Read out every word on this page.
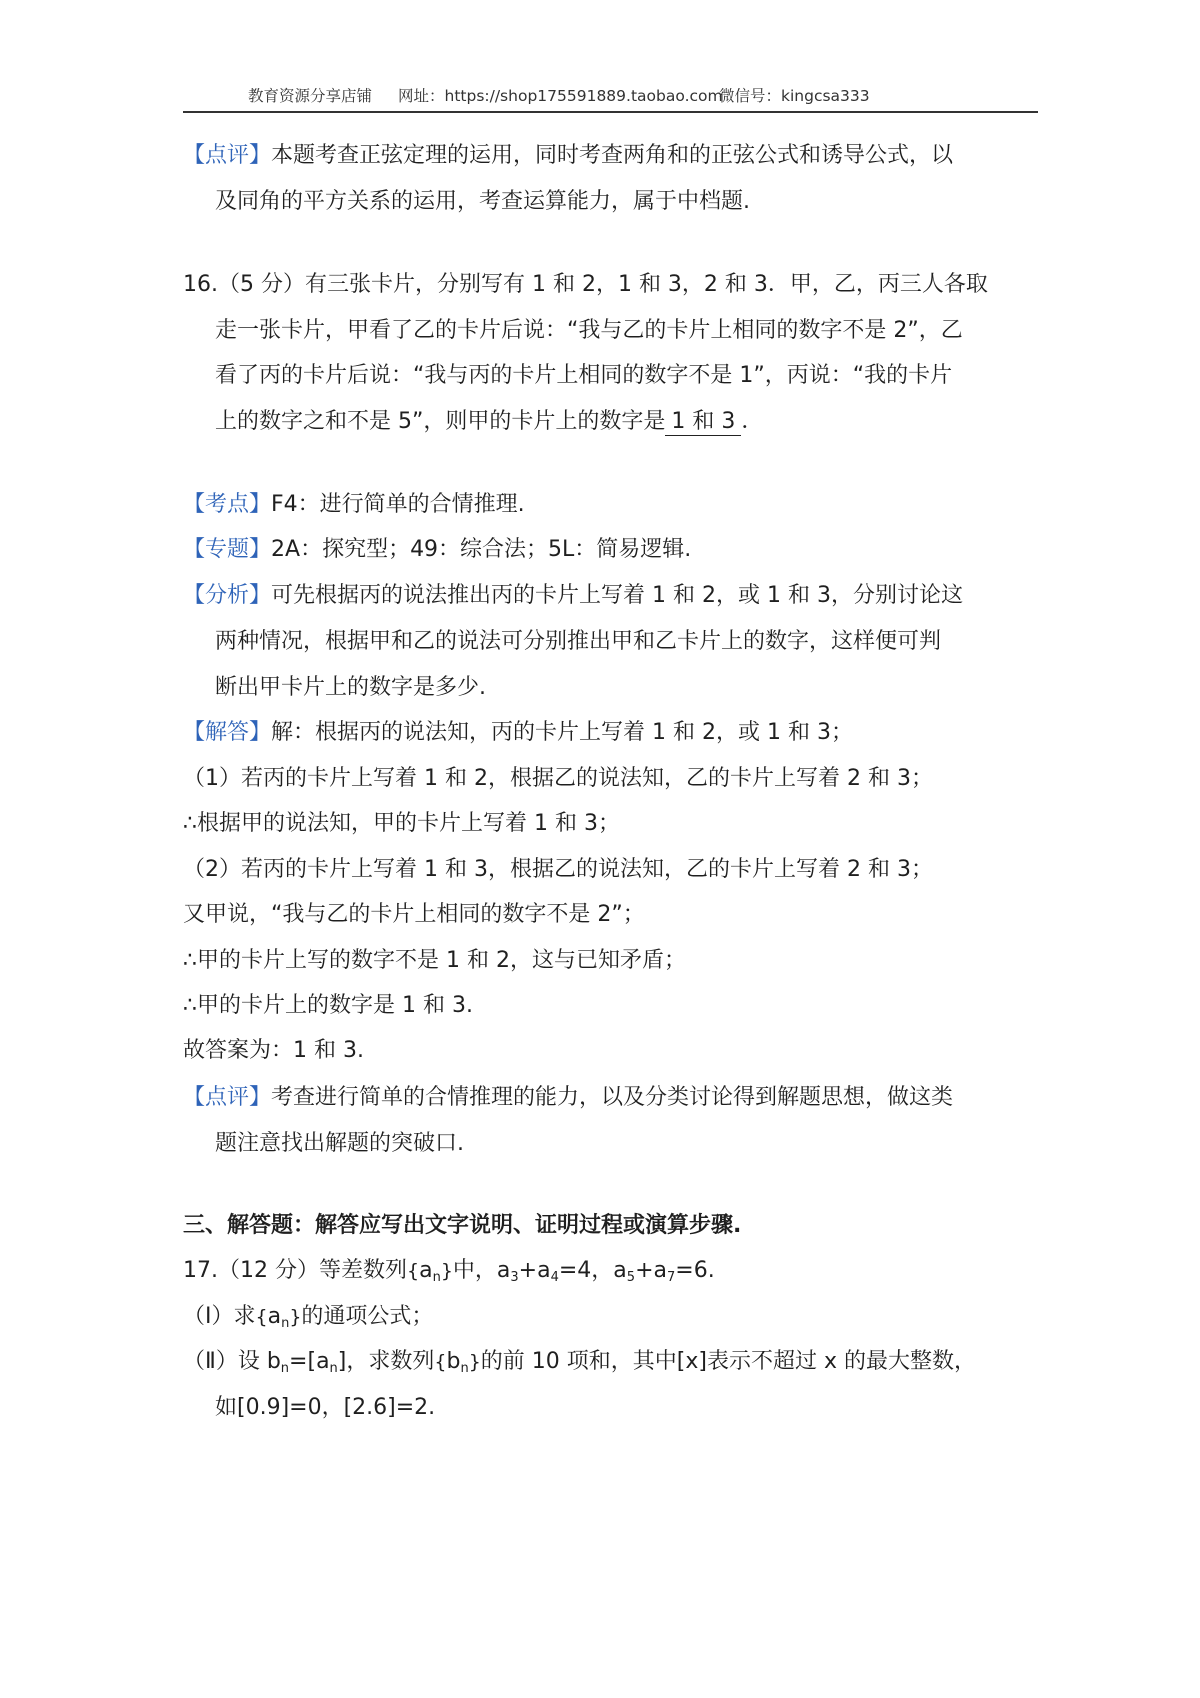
教育资源分享店铺 网址：https://shop175591889.taobao.com
微信号：kingcsa333
【点评】本题考查正弦定理的运用，同时考查两角和的正弦公式和诱导公式，以
及同角的平方关系的运用，考查运算能力，属于中档题.
16.（5 分）有三张卡片，分别写有 1 和 2，1 和 3，2 和 3．甲，乙，丙三人各取
走一张卡片，甲看了乙的卡片后说：“我与乙的卡片上相同的数字不是 2”，乙
看了丙的卡片后说：“我与丙的卡片上相同的数字不是 1”，丙说：“我的卡片
上的数字之和不是 5”，则甲的卡片上的数字是 1 和 3 ．
【考点】F4：进行简单的合情推理.
【专题】2A：探究型；49：综合法；5L：简易逻辑.
【分析】可先根据丙的说法推出丙的卡片上写着 1 和 2，或 1 和 3，分别讨论这
两种情况，根据甲和乙的说法可分别推出甲和乙卡片上的数字，这样便可判
断出甲卡片上的数字是多少.
【解答】解：根据丙的说法知，丙的卡片上写着 1 和 2，或 1 和 3；
（1）若丙的卡片上写着 1 和 2，根据乙的说法知，乙的卡片上写着 2 和 3；
∴根据甲的说法知，甲的卡片上写着 1 和 3；
（2）若丙的卡片上写着 1 和 3，根据乙的说法知，乙的卡片上写着 2 和 3；
又甲说，“我与乙的卡片上相同的数字不是 2”；
∴甲的卡片上写的数字不是 1 和 2，这与已知矛盾；
∴甲的卡片上的数字是 1 和 3.
故答案为：1 和 3.
【点评】考查进行简单的合情推理的能力，以及分类讨论得到解题思想，做这类
题注意找出解题的突破口.
三、解答题：解答应写出文字说明、证明过程或演算步骤.
17.（12 分）等差数列$\{a_n\}$中，$a_3+a_4=4$，$a_5+a_7=6$.
（Ⅰ）求$\{a_n\}$的通项公式；
（Ⅱ）设 $b_n=[a_n]$，求数列$\{b_n\}$的前 10 项和，其中[x]表示不超过 x 的最大整数，
如[0.9]=0，[2.6]=2.
